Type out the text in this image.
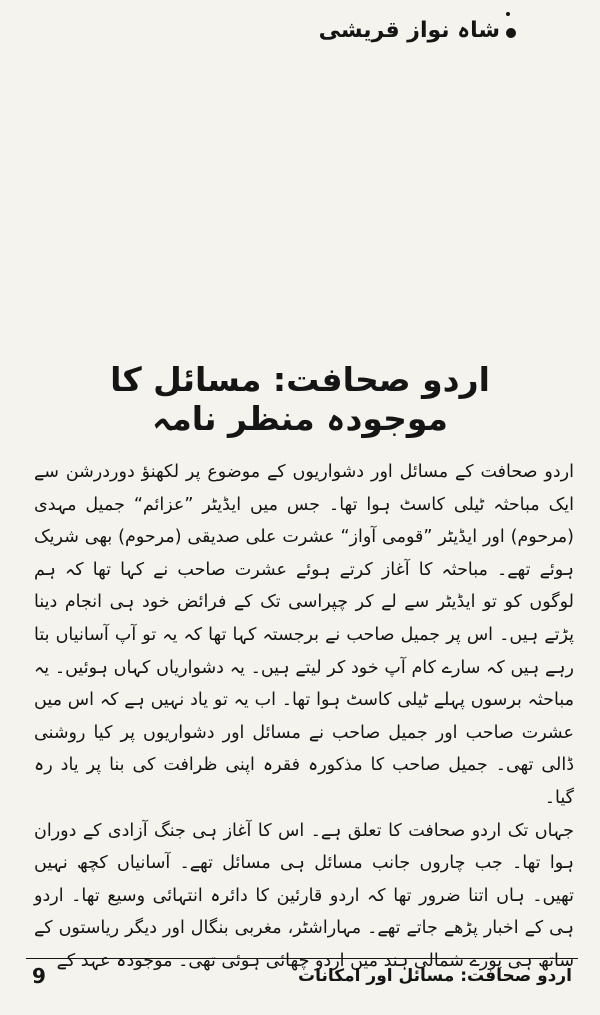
شاہ نواز قریشی
اردو صحافت: مسائل کا موجودہ منظر نامہ

اردو صحافت کے مسائل اور دشواریوں کے موضوع پر لکھنؤ دوردرشن سے ایک مباحثہ ٹیلی کاسٹ ہوا تھا۔ جس میں ایڈیٹر ”عزائم“ جمیل مہدی (مرحوم) اور ایڈیٹر ”قومی آواز“ عشرت علی صدیقی (مرحوم) بھی شریک ہوئے تھے۔ مباحثہ کا آغاز کرتے ہوئے عشرت صاحب نے کہا تھا کہ ہم لوگوں کو تو ایڈیٹر سے لے کر چپراسی تک کے فرائض خود ہی انجام دینا پڑتے ہیں۔ اس پر جمیل صاحب نے برجستہ کہا تھا کہ یہ تو آپ آسانیاں بتا رہے ہیں کہ سارے کام آپ خود کر لیتے ہیں۔ یہ دشواریاں کہاں ہوئیں۔ یہ مباحثہ برسوں پہلے ٹیلی کاسٹ ہوا تھا۔ اب یہ تو یاد نہیں ہے کہ اس میں عشرت صاحب اور جمیل صاحب نے مسائل اور دشواریوں پر کیا روشنی ڈالی تھی۔ جمیل صاحب کا مذکورہ فقرہ اپنی ظرافت کی بنا پر یاد رہ گیا۔

جہاں تک اردو صحافت کا تعلق ہے۔ اس کا آغاز ہی جنگ آزادی کے دوران ہوا تھا۔ جب چاروں جانب مسائل ہی مسائل تھے۔ آسانیاں کچھ نہیں تھیں۔ ہاں اتنا ضرور تھا کہ اردو قارئین کا دائرہ انتہائی وسیع تھا۔ اردو ہی کے اخبار پڑھے جاتے تھے۔ مہاراشٹر، مغربی بنگال اور دیگر ریاستوں کے ساتھ ہی پورے شمالی ہند میں اردو چھائی ہوئی تھی۔ موجودہ عہد کے

9	اردو صحافت: مسائل اور امکانات
